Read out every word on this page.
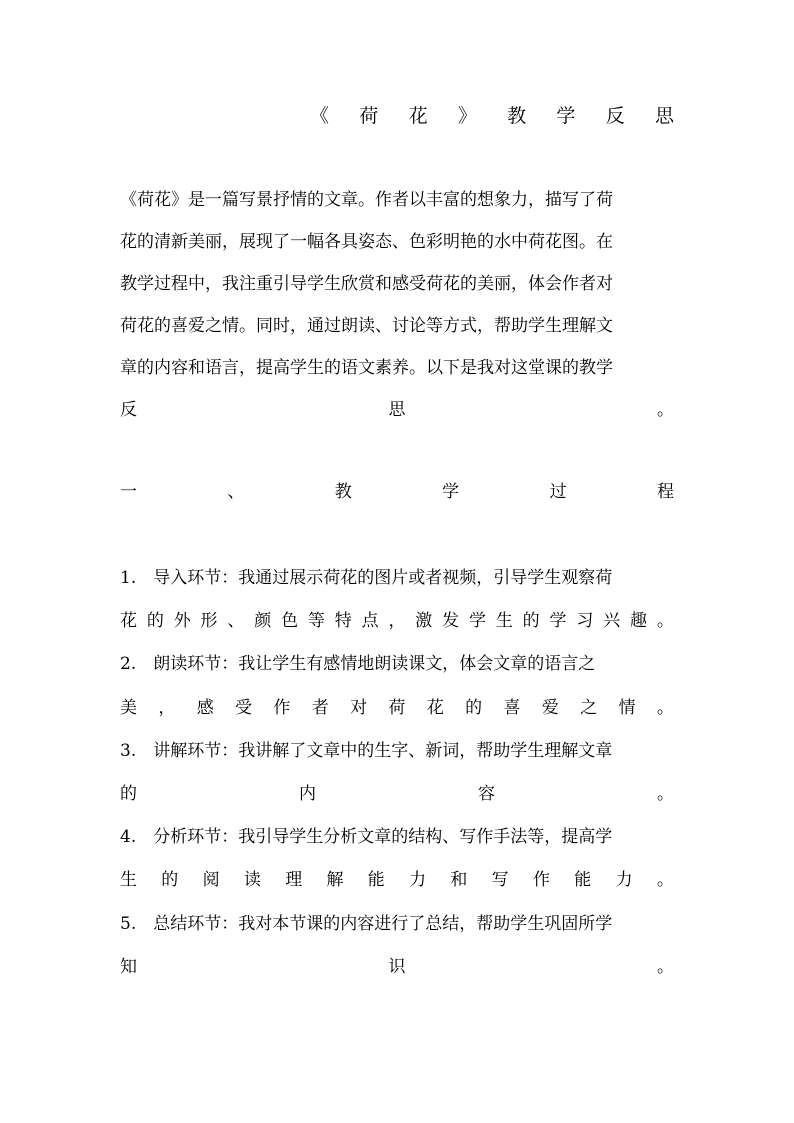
《 荷 花 》 教 学 反 思
《荷花》是一篇写景抒情的文章。作者以丰富的想象力，描写了荷
花的清新美丽，展现了一幅各具姿态、色彩明艳的水中荷花图。在
教学过程中，我注重引导学生欣赏和感受荷花的美丽，体会作者对
荷花的喜爱之情。同时，通过朗读、讨论等方式，帮助学生理解文
章的内容和语言，提高学生的语文素养。以下是我对这堂课的教学
反	思	。
一	、	教	学	过	程
1.　导入环节：我通过展示荷花的图片或者视频，引导学生观察荷
花 的 外 形 、 颜 色 等 特 点 ， 激 发 学 生 的 学 习 兴 趣 。
2.　朗读环节：我让学生有感情地朗读课文，体会文章的语言之
美 ， 感 受 作 者 对 荷 花 的 喜 爱 之 情 。
3.　讲解环节：我讲解了文章中的生字、新词，帮助学生理解文章
的	内	容	。
4.　分析环节：我引导学生分析文章的结构、写作手法等，提高学
生 的 阅 读 理 解 能 力 和 写 作 能 力 。
5.　总结环节：我对本节课的内容进行了总结，帮助学生巩固所学
知	识	。
